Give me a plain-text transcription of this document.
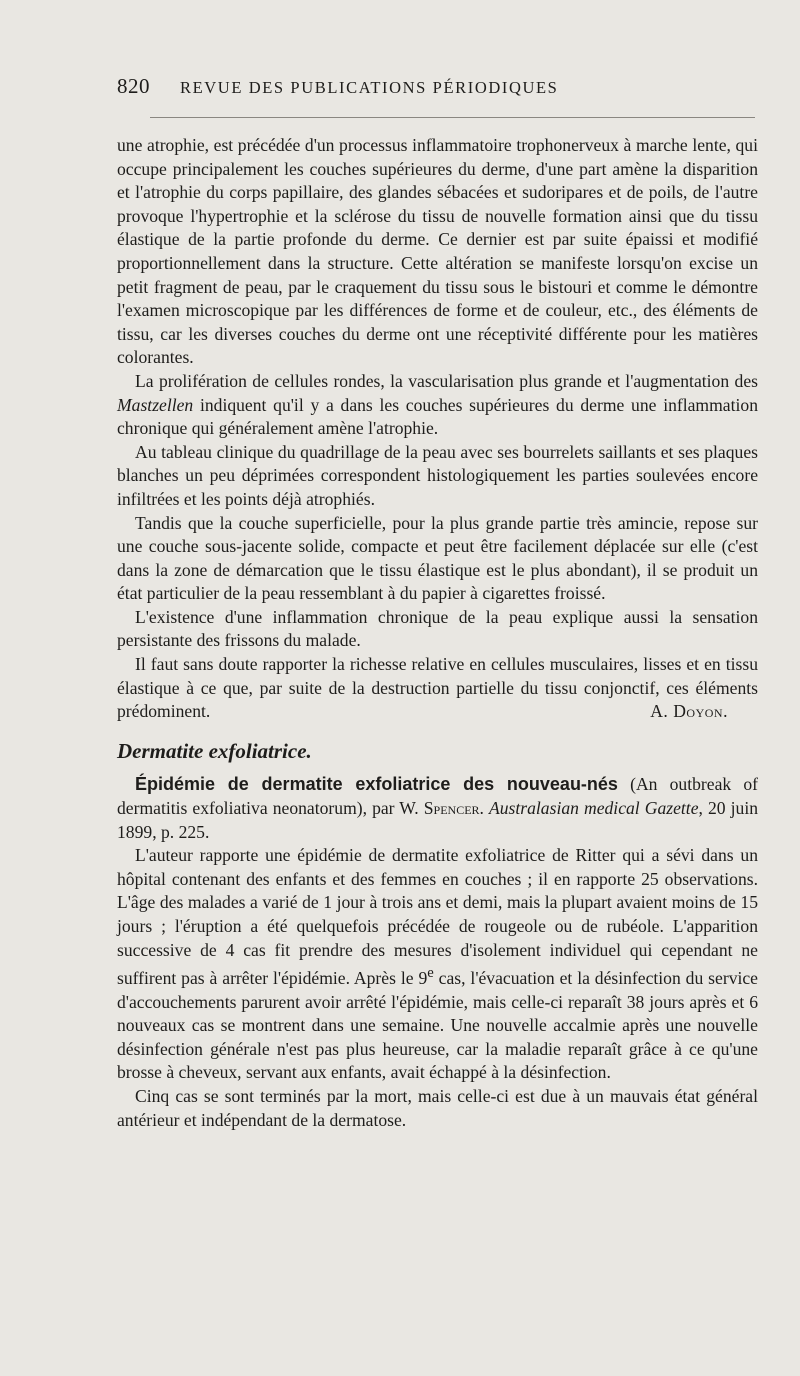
820 REVUE DES PUBLICATIONS PÉRIODIQUES

une atrophie, est précédée d'un processus inflammatoire trophonerveux à marche lente, qui occupe principalement les couches supérieures du derme, d'une part amène la disparition et l'atrophie du corps papillaire, des glandes sébacées et sudoripares et de poils, de l'autre provoque l'hypertrophie et la sclérose du tissu de nouvelle formation ainsi que du tissu élastique de la partie profonde du derme. Ce dernier est par suite épaissi et modifié proportionnellement dans la structure. Cette altération se manifeste lorsqu'on excise un petit fragment de peau, par le craquement du tissu sous le bistouri et comme le démontre l'examen microscopique par les différences de forme et de couleur, etc., des éléments de tissu, car les diverses couches du derme ont une réceptivité différente pour les matières colorantes.

La prolifération de cellules rondes, la vascularisation plus grande et l'augmentation des Mastzellen indiquent qu'il y a dans les couches supérieures du derme une inflammation chronique qui généralement amène l'atrophie.

Au tableau clinique du quadrillage de la peau avec ses bourrelets saillants et ses plaques blanches un peu déprimées correspondent histologiquement les parties soulevées encore infiltrées et les points déjà atrophiés.

Tandis que la couche superficielle, pour la plus grande partie très amincie, repose sur une couche sous-jacente solide, compacte et peut être facilement déplacée sur elle (c'est dans la zone de démarcation que le tissu élastique est le plus abondant), il se produit un état particulier de la peau ressemblant à du papier à cigarettes froissé.

L'existence d'une inflammation chronique de la peau explique aussi la sensation persistante des frissons du malade.

Il faut sans doute rapporter la richesse relative en cellules musculaires, lisses et en tissu élastique à ce que, par suite de la destruction partielle du tissu conjonctif, ces éléments prédominent.	A. Doyon.

Dermatite exfoliatrice.

Épidémie de dermatite exfoliatrice des nouveau-nés (An outbreak of dermatitis exfoliativa neonatorum), par W. Spencer. Australasian medical Gazette, 20 juin 1899, p. 225.

L'auteur rapporte une épidémie de dermatite exfoliatrice de Ritter qui a sévi dans un hôpital contenant des enfants et des femmes en couches ; il en rapporte 25 observations. L'âge des malades a varié de 1 jour à trois ans et demi, mais la plupart avaient moins de 15 jours ; l'éruption a été quelquefois précédée de rougeole ou de rubéole. L'apparition successive de 4 cas fit prendre des mesures d'isolement individuel qui cependant ne suffirent pas à arrêter l'épidémie. Après le 9e cas, l'évacuation et la désinfection du service d'accouchements parurent avoir arrêté l'épidémie, mais celle-ci reparaît 38 jours après et 6 nouveaux cas se montrent dans une semaine. Une nouvelle accalmie après une nouvelle désinfection générale n'est pas plus heureuse, car la maladie reparaît grâce à ce qu'une brosse à cheveux, servant aux enfants, avait échappé à la désinfection.

Cinq cas se sont terminés par la mort, mais celle-ci est due à un mauvais état général antérieur et indépendant de la dermatose.
